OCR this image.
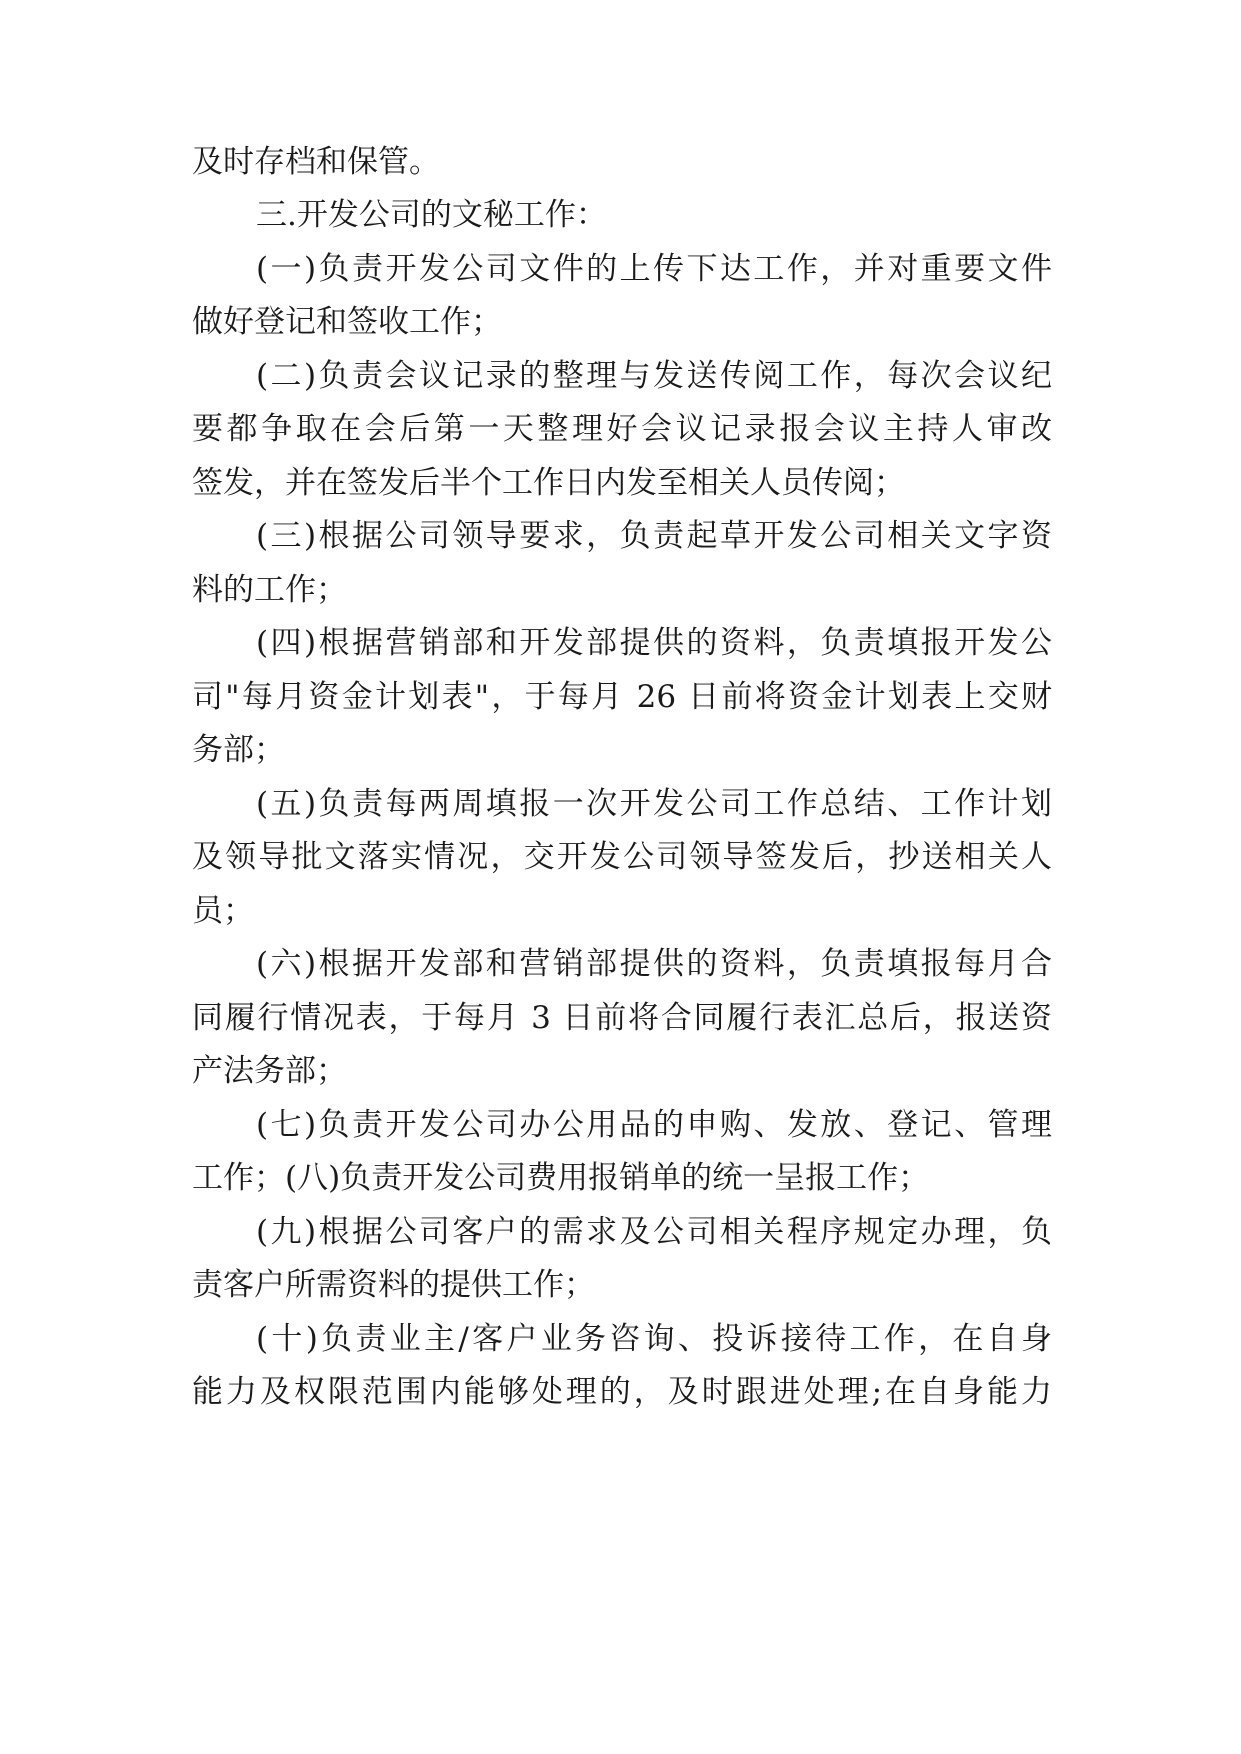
及时存档和保管。
三.开发公司的文秘工作：
(一)负责开发公司文件的上传下达工作，并对重要文件
做好登记和签收工作；
(二)负责会议记录的整理与发送传阅工作，每次会议纪
要都争取在会后第一天整理好会议记录报会议主持人审改
签发，并在签发后半个工作日内发至相关人员传阅；
(三)根据公司领导要求，负责起草开发公司相关文字资
料的工作；
(四)根据营销部和开发部提供的资料，负责填报开发公
司"每月资金计划表"，于每月 26 日前将资金计划表上交财
务部；
(五)负责每两周填报一次开发公司工作总结、工作计划
及领导批文落实情况，交开发公司领导签发后，抄送相关人
员；
(六)根据开发部和营销部提供的资料，负责填报每月合
同履行情况表，于每月 3 日前将合同履行表汇总后，报送资
产法务部；
(七)负责开发公司办公用品的申购、发放、登记、管理
工作；(八)负责开发公司费用报销单的统一呈报工作；
(九)根据公司客户的需求及公司相关程序规定办理，负
责客户所需资料的提供工作；
(十)负责业主/客户业务咨询、投诉接待工作，在自身
能力及权限范围内能够处理的，及时跟进处理;在自身能力
